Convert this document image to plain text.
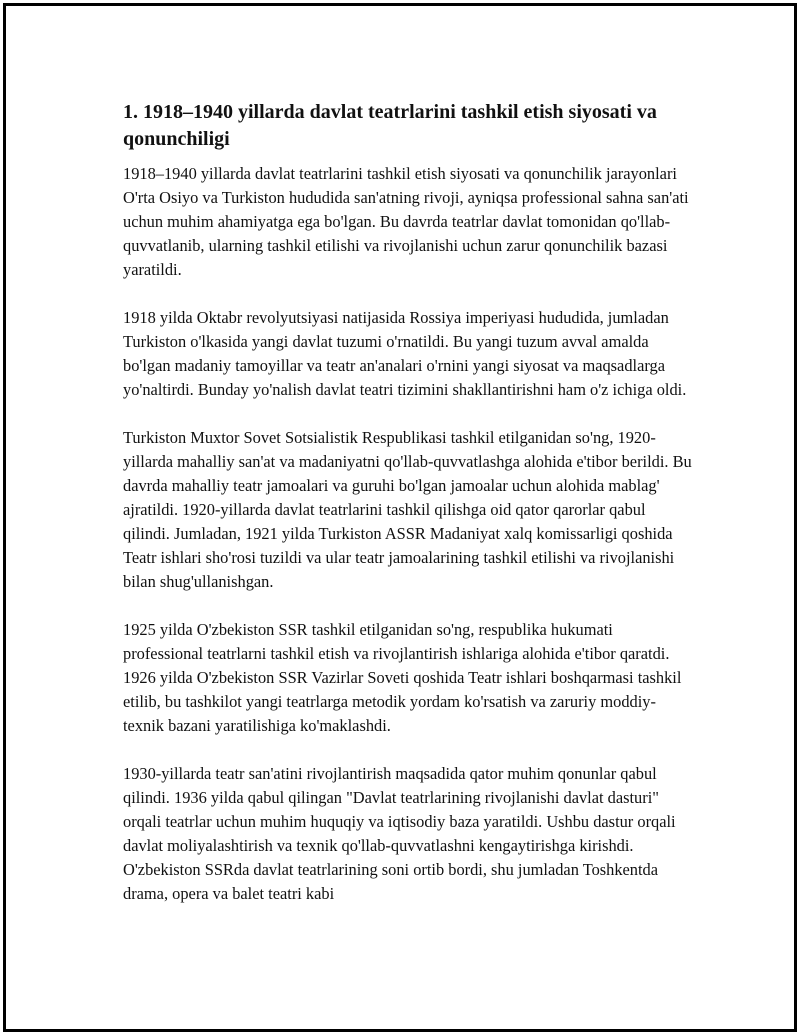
1. 1918–1940 yillarda davlat teatrlarini tashkil etish siyosati va qonunchiligi

1918–1940 yillarda davlat teatrlarini tashkil etish siyosati va qonunchilik jarayonlari O'rta Osiyo va Turkiston hududida san'atning rivoji, ayniqsa professional sahna san'ati uchun muhim ahamiyatga ega bo'lgan. Bu davrda teatrlar davlat tomonidan qo'llab-quvvatlanib, ularning tashkil etilishi va rivojlanishi uchun zarur qonunchilik bazasi yaratildi.

1918 yilda Oktabr revolyutsiyasi natijasida Rossiya imperiyasi hududida, jumladan Turkiston o'lkasida yangi davlat tuzumi o'rnatildi. Bu yangi tuzum avval amalda bo'lgan madaniy tamoyillar va teatr an'analari o'rnini yangi siyosat va maqsadlarga yo'naltirdi. Bunday yo'nalish davlat teatri tizimini shakllantirishni ham o'z ichiga oldi.

Turkiston Muxtor Sovet Sotsialistik Respublikasi tashkil etilganidan so'ng, 1920-yillarda mahalliy san'at va madaniyatni qo'llab-quvvatlashga alohida e'tibor berildi. Bu davrda mahalliy teatr jamoalari va guruhi bo'lgan jamoalar uchun alohida mablag' ajratildi. 1920-yillarda davlat teatrlarini tashkil qilishga oid qator qarorlar qabul qilindi. Jumladan, 1921 yilda Turkiston ASSR Madaniyat xalq komissarligi qoshida Teatr ishlari sho'rosi tuzildi va ular teatr jamoalarining tashkil etilishi va rivojlanishi bilan shug'ullanishgan.

1925 yilda O'zbekiston SSR tashkil etilganidan so'ng, respublika hukumati professional teatrlarni tashkil etish va rivojlantirish ishlariga alohida e'tibor qaratdi. 1926 yilda O'zbekiston SSR Vazirlar Soveti qoshida Teatr ishlari boshqarmasi tashkil etilib, bu tashkilot yangi teatrlarga metodik yordam ko'rsatish va zaruriy moddiy-texnik bazani yaratilishiga ko'maklashdi.

1930-yillarda teatr san'atini rivojlantirish maqsadida qator muhim qonunlar qabul qilindi. 1936 yilda qabul qilingan "Davlat teatrlarining rivojlanishi davlat dasturi" orqali teatrlar uchun muhim huquqiy va iqtisodiy baza yaratildi. Ushbu dastur orqali davlat moliyalashtirish va texnik qo'llab-quvvatlashni kengaytirishga kirishdi. O'zbekiston SSRda davlat teatrlarining soni ortib bordi, shu jumladan Toshkentda drama, opera va balet teatri kabi
